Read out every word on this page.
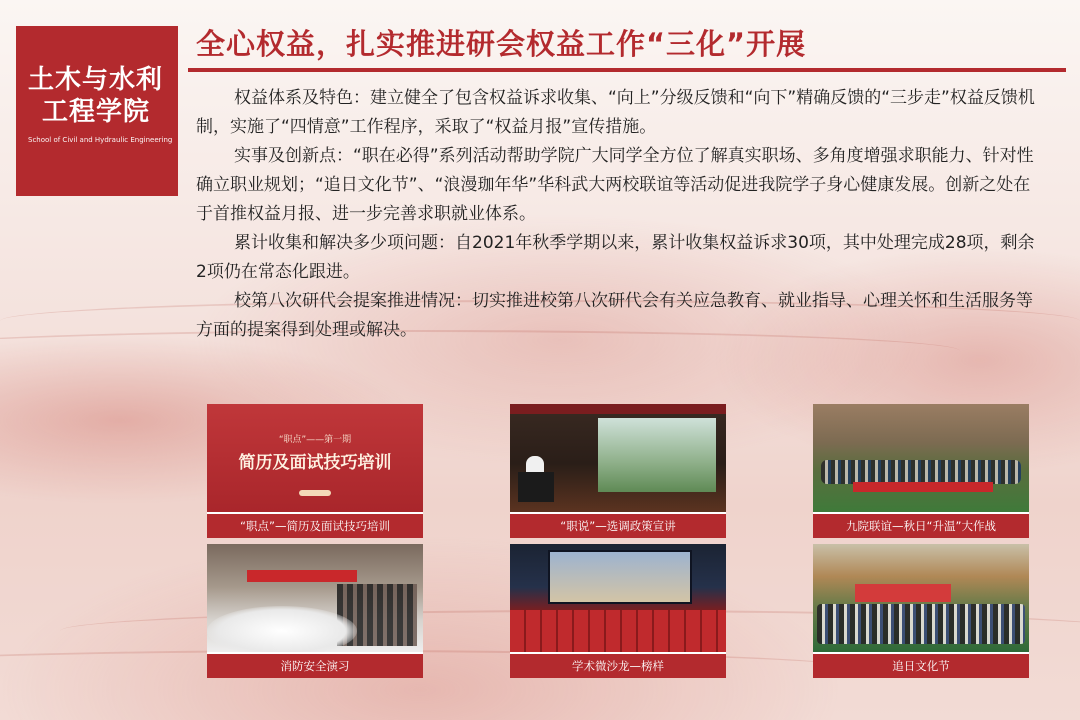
土木与水利
工程学院
School of Civil and Hydraulic Engineering
全心权益，扎实推进研会权益工作“三化”开展

权益体系及特色：建立健全了包含权益诉求收集、“向上”分级反馈和“向下”精确反馈的“三步走”权益反馈机制，实施了“四情意”工作程序，采取了“权益月报”宣传措施。

实事及创新点：“职在必得”系列活动帮助学院广大同学全方位了解真实职场、多角度增强求职能力、针对性确立职业规划；“追日文化节”、“浪漫珈年华”华科武大两校联谊等活动促进我院学子身心健康发展。创新之处在于首推权益月报、进一步完善求职就业体系。

累计收集和解决多少项问题：自2021年秋季学期以来，累计收集权益诉求30项，其中处理完成28项，剩余2项仍在常态化跟进。

校第八次研代会提案推进情况：切实推进校第八次研代会有关应急教育、就业指导、心理关怀和生活服务等方面的提案得到处理或解决。

“职点”——第一期
简历及面试技巧培训
“职点”—简历及面试技巧培训	“职说”—选调政策宣讲	九院联谊—秋日“升温”大作战
消防安全演习	学术微沙龙—榜样	追日文化节
